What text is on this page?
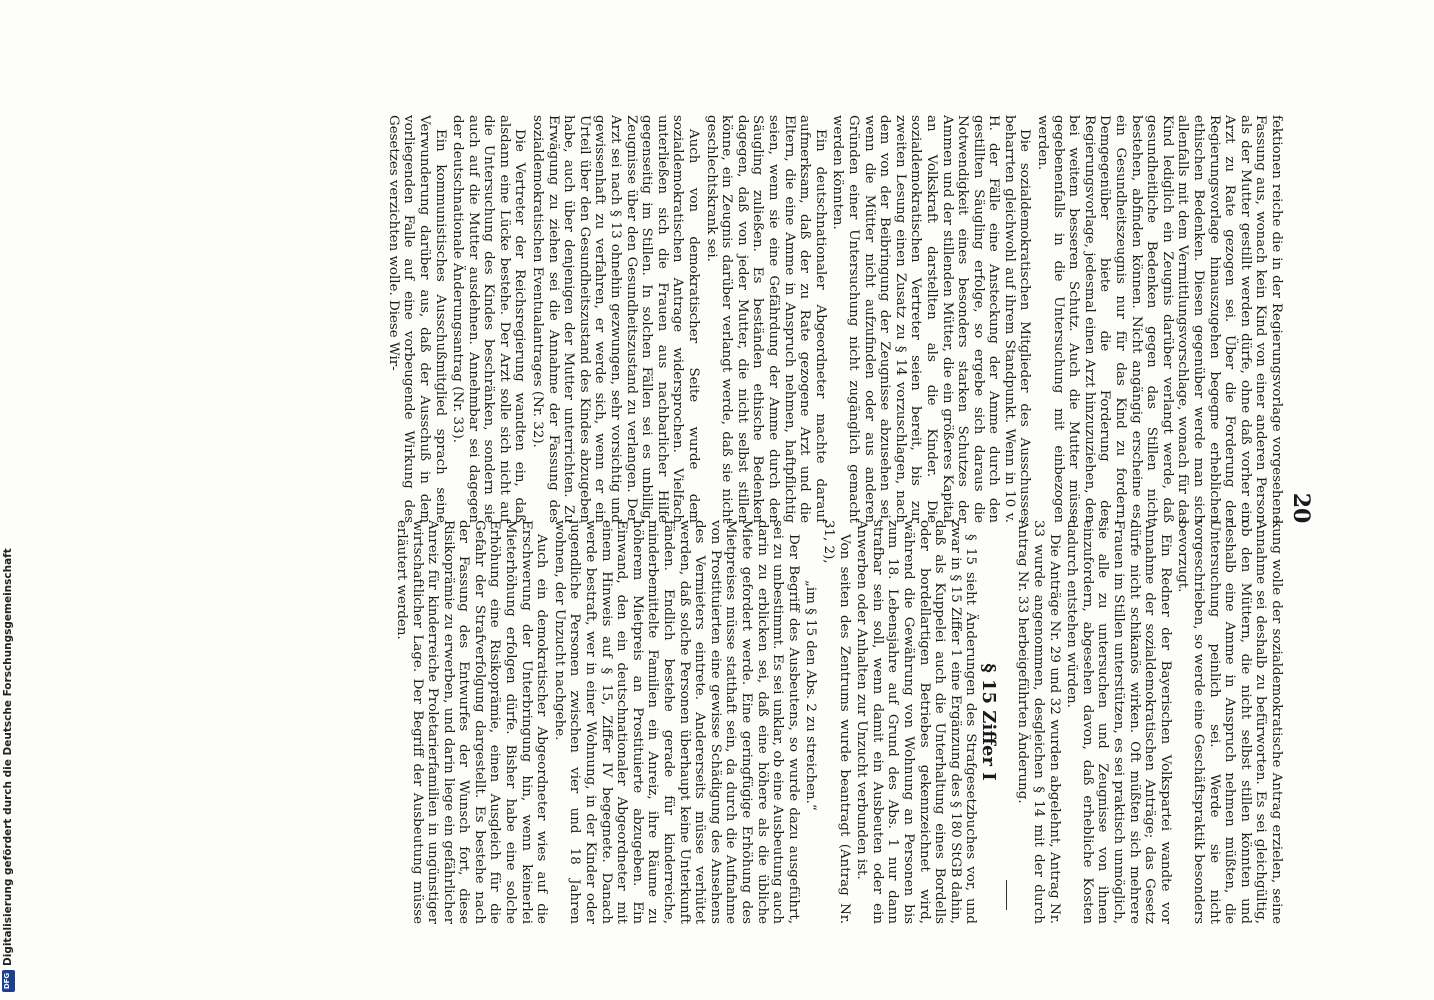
20

fektionen reiche die in der Regierungsvorlage vorgesehene Fassung aus, wonach kein Kind von einer anderen Person als der Mutter gestillt werden dürfe, ohne daß vorher ein Arzt zu Rate gezogen sei. Über die Forderung der Regierungsvorlage hinauszugehen begegne erheblichen ethischen Bedenken. Diesen gegenüber werde man sich allenfalls mit dem Vermittlungsvorschlage, wonach für das Kind lediglich ein Zeugnis darüber verlangt werde, daß gesundheitliche Bedenken gegen das Stillen nicht bestehen, abfinden können. Nicht angängig erscheine es, ein Gesundheitszeugnis nur für das Kind zu fordern. Demgegenüber biete die Forderung der Regierungsvorlage, jedesmal einen Arzt hinzuzuziehen, den bei weitem besseren Schutz. Auch die Mutter müsse gegebenenfalls in die Untersuchung mit einbezogen werden.

Die sozialdemokratischen Mitglieder des Ausschusses beharrten gleichwohl auf ihrem Standpunkt. Wenn in 10 v. H. der Fälle eine Ansteckung der Amme durch den gestillten Säugling erfolge, so ergebe sich daraus die Notwendigkeit eines besonders starken Schutzes der Ammen und der stillenden Mütter, die ein größeres Kapital an Volkskraft darstellten als die Kinder. Die sozialdemokratischen Vertreter seien bereit, bis zur zweiten Lesung einen Zusatz zu § 14 vorzuschlagen, nach dem von der Beibringung der Zeugnisse abzusehen sei, wenn die Mütter nicht aufzufinden oder aus anderen Gründen einer Untersuchung nicht zugänglich gemacht werden könnten.

Ein deutschnationaler Abgeordneter machte darauf aufmerksam, daß der zu Rate gezogene Arzt und die Eltern, die eine Amme in Anspruch nehmen, haftpflichtig seien, wenn sie eine Gefährdung der Amme durch den Säugling zuließen. Es beständen ethische Bedenken dagegen, daß von jeder Mutter, die nicht selbst stillen könne, ein Zeugnis darüber verlangt werde, daß sie nicht geschlechtskrank sei.

Auch von demokratischer Seite wurde dem sozialdemokratischen Antrage widersprochen. Vielfach unterließen sich die Frauen aus nachbarlicher Hilfe gegenseitig im Stillen. In solchen Fällen sei es unbillig, Zeugnisse über den Gesundheitszustand zu verlangen. Der Arzt sei nach § 13 ohnehin gezwungen, sehr vorsichtig und gewissenhaft zu verfahren, er werde sich, wenn er ein Urteil über den Gesundheitszustand des Kindes abzugeben habe, auch über denjenigen der Mutter unterrichten. Zu Erwägung zu ziehen sei die Annahme der Fassung des sozialdemokratischen Eventualantrages (Nr. 32).

Die Vertreter der Reichsregierung wandten ein, daß alsdann eine Lücke bestehe. Der Arzt solle sich nicht auf die Untersuchung des Kindes beschränken, sondern sie auch auf die Mutter ausdehnen. Annehmbar sei dagegen der deutschnationale Änderungsantrag (Nr. 33).

Ein kommunistisches Ausschußmitglied sprach seine Verwunderung darüber aus, daß der Ausschuß in dem vorliegenden Falle auf eine vorbeugende Wirkung des Gesetzes verzichten wolle. Diese Wir-

kung wolle der sozialdemokratische Antrag erzielen, seine Annahme sei deshalb zu befürworten. Es sei gleichgültig, ob den Müttern, die nicht selbst stillen könnten und deshalb eine Amme in Anspruch nehmen müßten, die Untersuchung peinlich sei. Werde sie nicht vorgeschrieben, so werde eine Geschäftspraktik besonders bevorzugt.

Ein Redner der Bayerischen Volkspartei wandte vor Annahme der sozialdemokratischen Anträge; das Gesetz dürfe nicht schikanös wirken. Oft müßten sich mehrere Frauen im Stillen unterstützen, es sei praktisch unmöglich, sie alle zu untersuchen und Zeugnisse von ihnen einzufordern, abgesehen davon, daß erhebliche Kosten dadurch entstehen würden.

Die Anträge Nr. 29 und 32 wurden abgelehnt, Antrag Nr. 33 wurde angenommen, desgleichen § 14 mit der durch Antrag Nr. 33 herbeigeführten Änderung.

§ 15 Ziffer I

§ 15 sieht Änderungen des Strafgesetzbuches vor, und zwar in § 15 Ziffer 1 eine Ergänzung des § 180 StGB dahin, daß als Kuppelei auch die Unterhaltung eines Bordells oder bordellartigen Betriebes gekennzeichnet wird, während die Gewährung von Wohnung an Personen bis zum 18. Lebensjahre auf Grund des Abs. 1 nur dann strafbar sein soll, wenn damit ein Ausbeuten oder ein Anwerben oder Anhalten zur Unzucht verbunden ist.

Von seiten des Zentrums wurde beantragt (Antrag Nr. 31, 2),

„im § 15 den Abs. 2 zu streichen.“

Der Begriff des Ausbeutens, so wurde dazu ausgeführt, sei zu unbestimmt. Es sei unklar, ob eine Ausbeutung auch darin zu erblicken sei, daß eine höhere als die übliche Miete gefordert werde. Eine geringfügige Erhöhung des Mietpreises müsse statthaft sein, da durch die Aufnahme von Prostituierten eine gewisse Schädigung des Ansehens des Vermieters eintrete. Andererseits müsse verhütet werden, daß solche Personen überhaupt keine Unterkunft fänden. Endlich bestehe gerade für kinderreiche, minderbemittelte Familien ein Anreiz, ihre Räume zu höherem Mietpreis an Prostituierte abzugeben. Ein Einwand, den ein deutschnationaler Abgeordneter mit einem Hinweis auf § 15, Ziffer IV begegnete. Danach werde bestraft, wer in einer Wohnung, in der Kinder oder jugendliche Personen zwischen vier und 18 Jahren wohnen, der Unzucht nachgehe.

Auch ein demokratischer Abgeordneter wies auf die Erschwerung der Unterbringung hin, wenn keinerlei Mieterhöhung erfolgen dürfe. Bisher habe eine solche Erhöhung eine Risikoprämie, einen Ausgleich für die Gefahr der Strafverfolgung dargestellt. Es bestehe nach der Fassung des Entwurfes der Wunsch fort, diese Risikoprämie zu erwerben, und darin liege ein gefährlicher Anreiz für kinderreiche Proletarierfamilien in ungünstiger wirtschaftlicher Lage. Der Begriff der Ausbeutung müsse erläutert werden.

Digitalisierung gefördert durch die Deutsche Forschungsgemeinschaft
DFG
